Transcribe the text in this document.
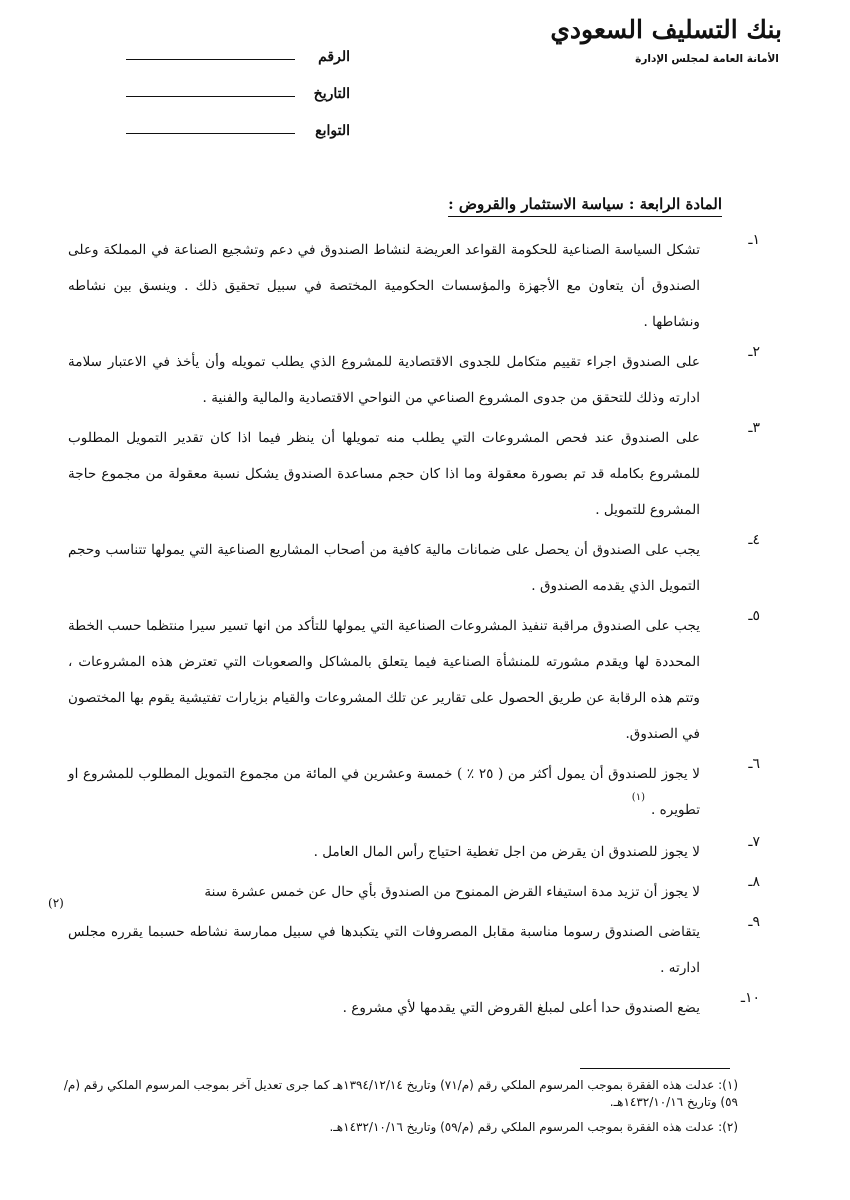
الرقم
التاريخ
التوابع
بنك التسليف السعودي
الأمانة العامة لمجلس الإدارة
المادة الرابعة : سياسة الاستثمار والقروض :
١ـ
تشكل السياسة الصناعية للحكومة القواعد العريضة لنشاط الصندوق في دعم وتشجيع الصناعة في المملكة وعلى الصندوق أن يتعاون مع الأجهزة والمؤسسات الحكومية المختصة في سبيل تحقيق ذلك . وينسق بين نشاطه ونشاطها .
٢ـ
على الصندوق اجراء تقييم متكامل للجدوى الاقتصادية للمشروع الذي يطلب تمويله وأن يأخذ في الاعتبار سلامة ادارته وذلك للتحقق من جدوى المشروع الصناعي من النواحي الاقتصادية والمالية والفنية .
٣ـ
على الصندوق عند فحص المشروعات التي يطلب منه تمويلها أن ينظر فيما اذا كان تقدير التمويل المطلوب للمشروع بكامله قد تم بصورة معقولة وما اذا كان حجم مساعدة الصندوق يشكل نسبة معقولة من مجموع حاجة المشروع للتمويل .
٤ـ
يجب على الصندوق أن يحصل على ضمانات مالية كافية من أصحاب المشاريع الصناعية التي يمولها تتناسب وحجم التمويل الذي يقدمه الصندوق .
٥ـ
يجب على الصندوق مراقبة تنفيذ المشروعات الصناعية التي يمولها للتأكد من انها تسير سيرا منتظما حسب الخطة المحددة لها ويقدم مشورته للمنشأة الصناعية فيما يتعلق بالمشاكل والصعوبات التي تعترض هذه المشروعات ، وتتم هذه الرقابة عن طريق الحصول على تقارير عن تلك المشروعات والقيام بزيارات تفتيشية يقوم بها المختصون في الصندوق.
٦ـ
لا يجوز للصندوق أن يمول أكثر من ( ٢٥ ٪ ) خمسة وعشرين في المائة من مجموع التمويل المطلوب للمشروع او تطويره .$^{(١)}$
٧ـ
لا يجوز للصندوق ان يقرض من اجل تغطية احتياج رأس المال العامل .
٨ـ
لا يجوز أن تزيد مدة استيفاء القرض الممنوح من الصندوق بأي حال عن خمس عشرة سنة
٩ـ
يتقاضى الصندوق رسوما مناسبة مقابل المصروفات التي يتكبدها في سبيل ممارسة نشاطه حسبما يقرره مجلس ادارته .
١٠ـ
يضع الصندوق حدا أعلى لمبلغ القروض التي يقدمها لأي مشروع .
(٢)
(١): عدلت هذه الفقرة بموجب المرسوم الملكي رقم (م/٧١) وتاريخ ١٣٩٤/١٢/١٤هـ كما جرى تعديل آخر بموجب المرسوم الملكي رقم (م/٥٩) وتاريخ ١٤٣٢/١٠/١٦هـ.
(٢): عدلت هذه الفقرة بموجب المرسوم الملكي رقم (م/٥٩) وتاريخ ١٤٣٢/١٠/١٦هـ.
